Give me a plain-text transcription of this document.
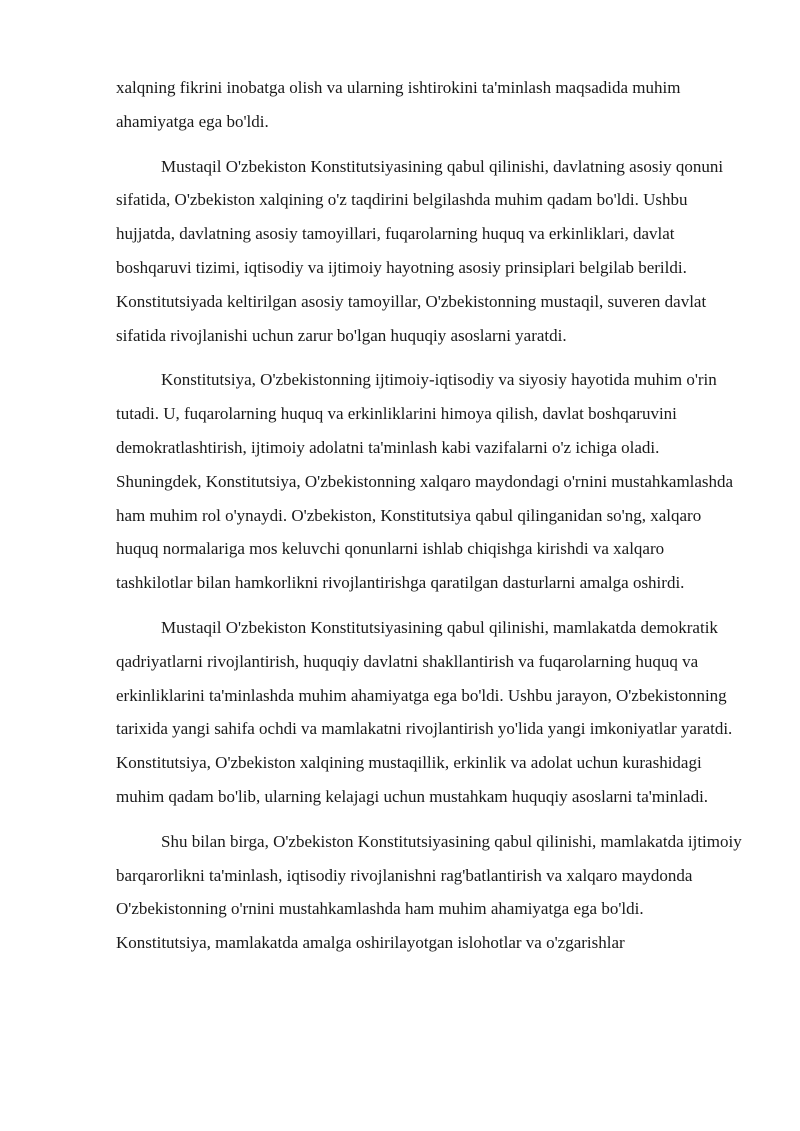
xalqning fikrini inobatga olish va ularning ishtirokini ta'minlash maqsadida muhim ahamiyatga ega bo'ldi.

Mustaqil O'zbekiston Konstitutsiyasining qabul qilinishi, davlatning asosiy qonuni sifatida, O'zbekiston xalqining o'z taqdirini belgilashda muhim qadam bo'ldi. Ushbu hujjatda, davlatning asosiy tamoyillari, fuqarolarning huquq va erkinliklari, davlat boshqaruvi tizimi, iqtisodiy va ijtimoiy hayotning asosiy prinsiplari belgilab berildi. Konstitutsiyada keltirilgan asosiy tamoyillar, O'zbekistonning mustaqil, suveren davlat sifatida rivojlanishi uchun zarur bo'lgan huquqiy asoslarni yaratdi.

Konstitutsiya, O'zbekistonning ijtimoiy-iqtisodiy va siyosiy hayotida muhim o'rin tutadi. U, fuqarolarning huquq va erkinliklarini himoya qilish, davlat boshqaruvini demokratlashtirish, ijtimoiy adolatni ta'minlash kabi vazifalarni o'z ichiga oladi. Shuningdek, Konstitutsiya, O'zbekistonning xalqaro maydondagi o'rnini mustahkamlashda ham muhim rol o'ynaydi. O'zbekiston, Konstitutsiya qabul qilinganidan so'ng, xalqaro huquq normalariga mos keluvchi qonunlarni ishlab chiqishga kirishdi va xalqaro tashkilotlar bilan hamkorlikni rivojlantirishga qaratilgan dasturlarni amalga oshirdi.

Mustaqil O'zbekiston Konstitutsiyasining qabul qilinishi, mamlakatda demokratik qadriyatlarni rivojlantirish, huquqiy davlatni shakllantirish va fuqarolarning huquq va erkinliklarini ta'minlashda muhim ahamiyatga ega bo'ldi. Ushbu jarayon, O'zbekistonning tarixida yangi sahifa ochdi va mamlakatni rivojlantirish yo'lida yangi imkoniyatlar yaratdi. Konstitutsiya, O'zbekiston xalqining mustaqillik, erkinlik va adolat uchun kurashidagi muhim qadam bo'lib, ularning kelajagi uchun mustahkam huquqiy asoslarni ta'minladi.

Shu bilan birga, O'zbekiston Konstitutsiyasining qabul qilinishi, mamlakatda ijtimoiy barqarorlikni ta'minlash, iqtisodiy rivojlanishni rag'batlantirish va xalqaro maydonda O'zbekistonning o'rnini mustahkamlashda ham muhim ahamiyatga ega bo'ldi. Konstitutsiya, mamlakatda amalga oshirilayotgan islohotlar va o'zgarishlar
